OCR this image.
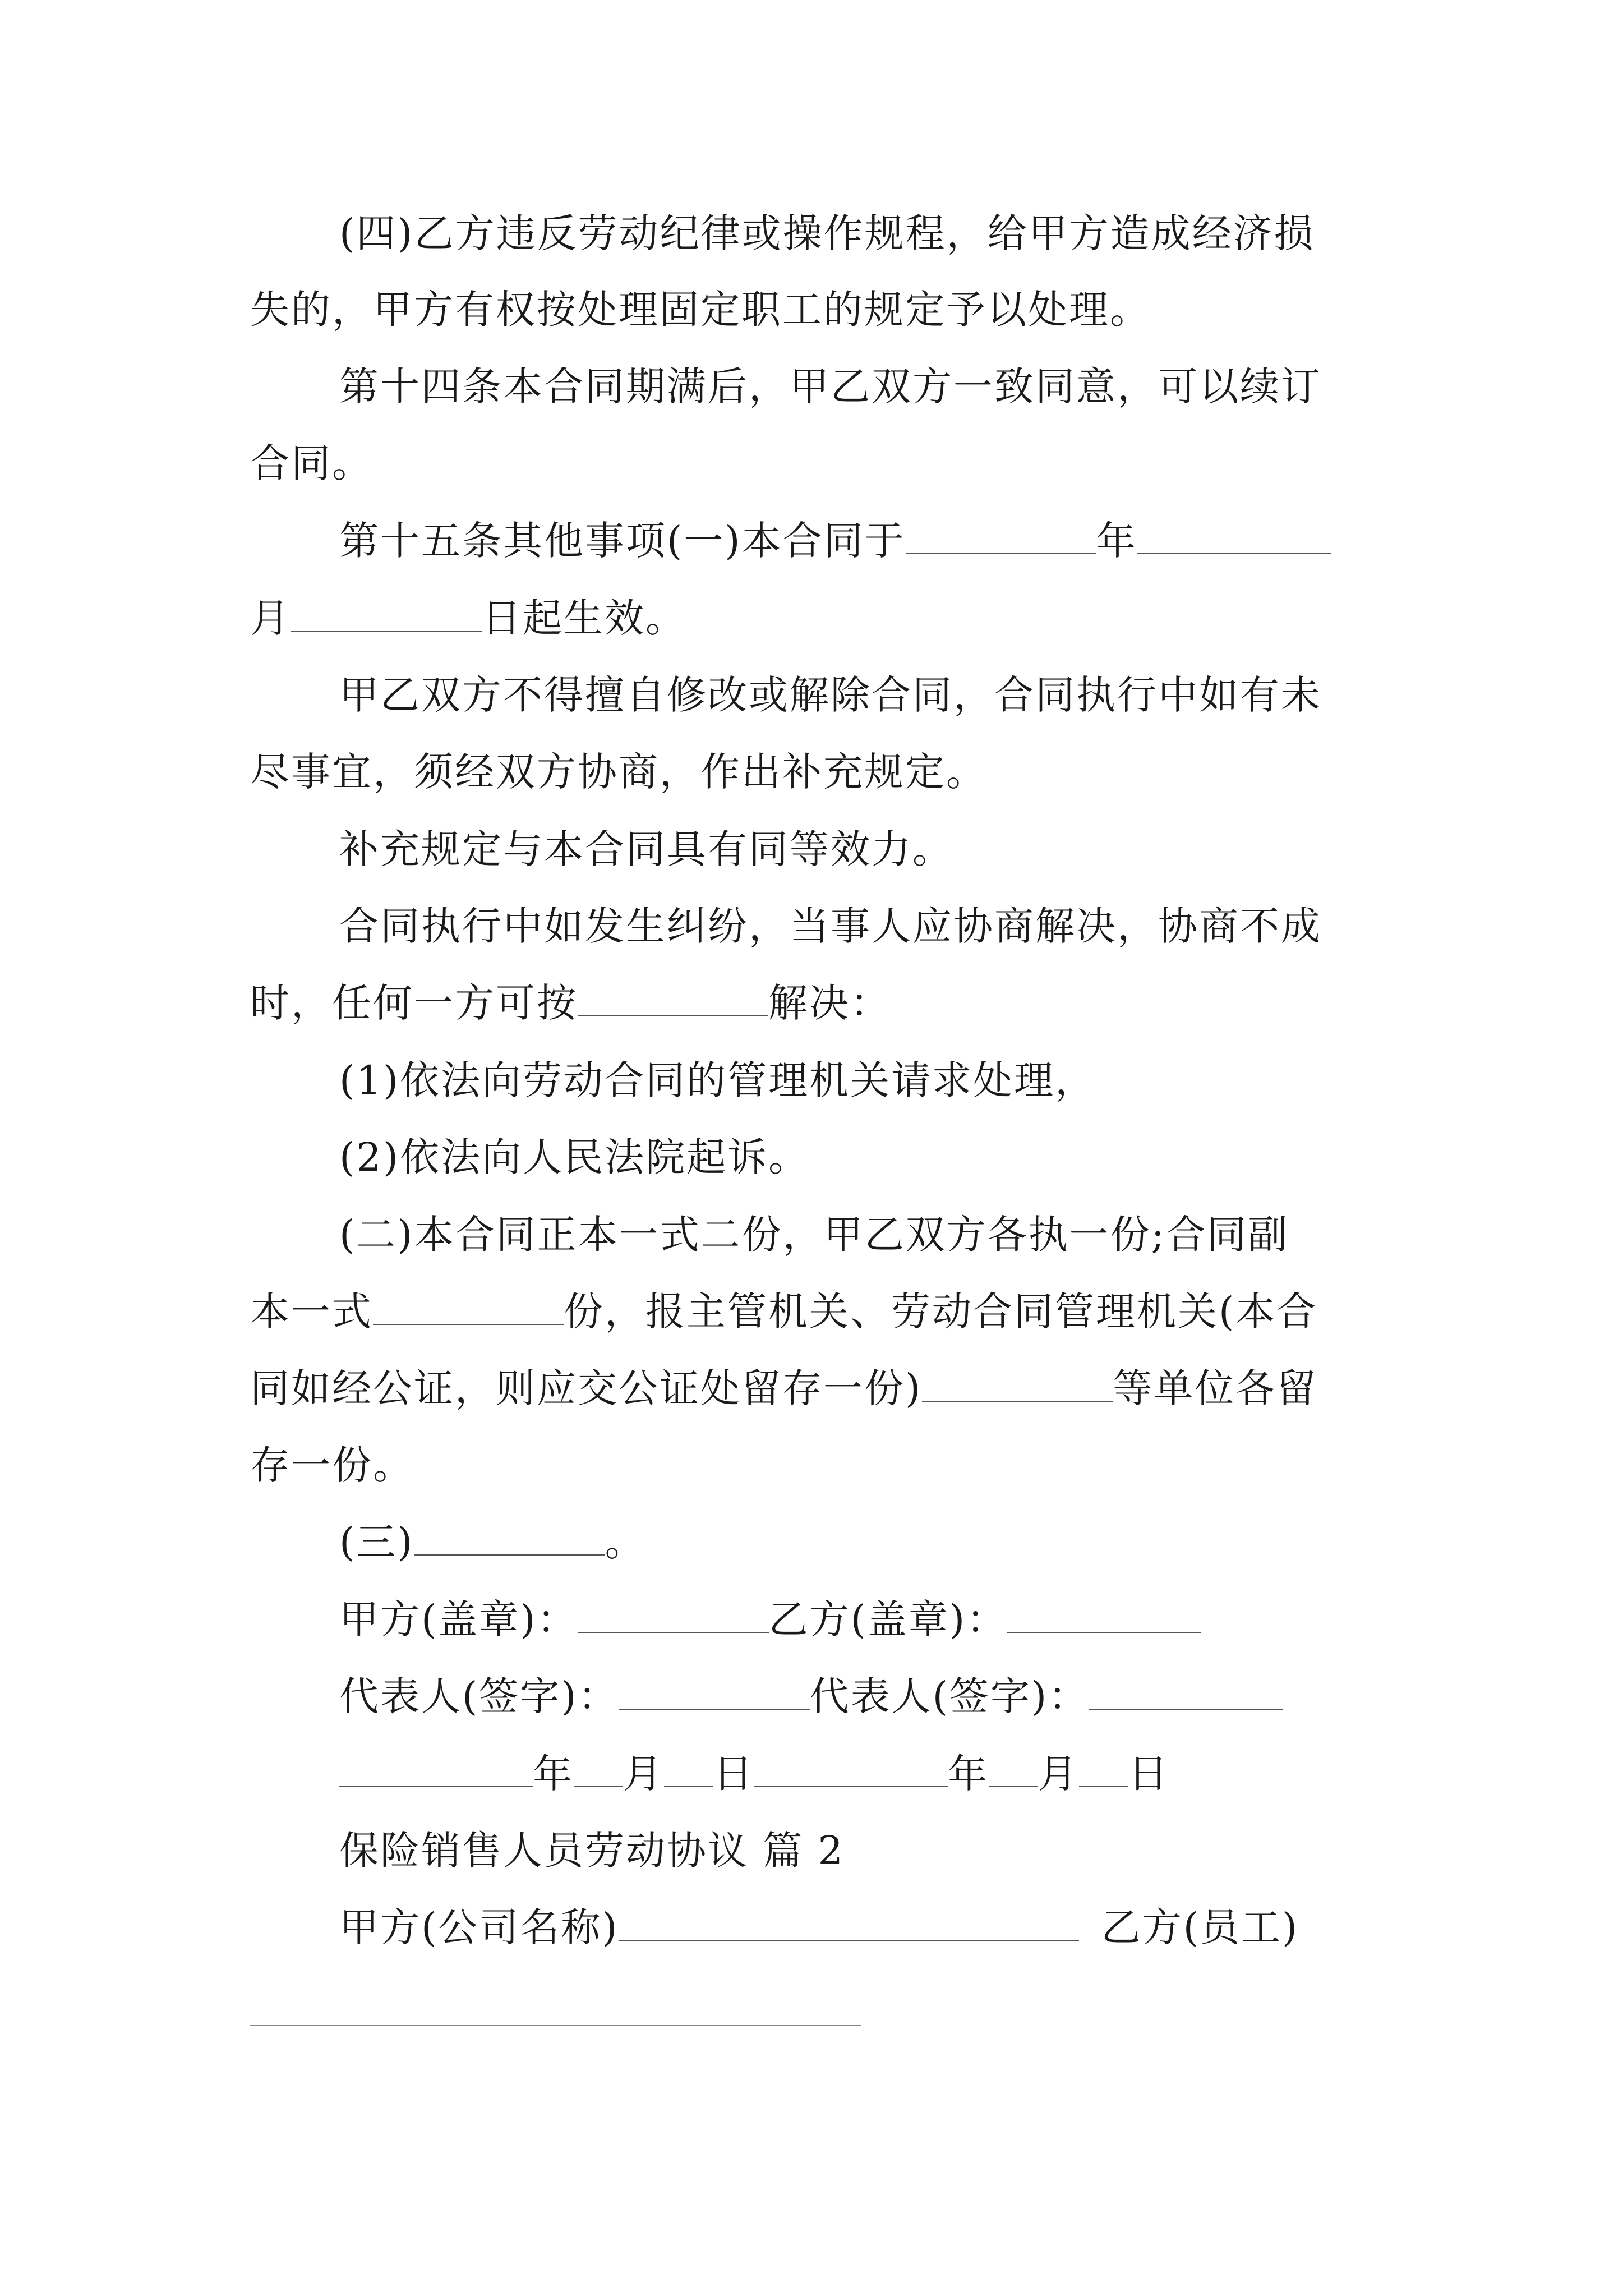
(四)乙方违反劳动纪律或操作规程，给甲方造成经济损
失的，甲方有权按处理固定职工的规定予以处理。
第十四条本合同期满后，甲乙双方一致同意，可以续订
合同。
第十五条其他事项(一)本合同于	年
月	日起生效。
甲乙双方不得擅自修改或解除合同，合同执行中如有未
尽事宜，须经双方协商，作出补充规定。
补充规定与本合同具有同等效力。
合同执行中如发生纠纷，当事人应协商解决，协商不成
时，任何一方可按	解决：
(1)依法向劳动合同的管理机关请求处理，
(2)依法向人民法院起诉。
(二)本合同正本一式二份，甲乙双方各执一份;合同副
本一式	份，报主管机关、劳动合同管理机关(本合
同如经公证，则应交公证处留存一份)	等单位各留
存一份。
(三)	。
甲方(盖章)：	乙方(盖章)：
代表人(签字)：	代表人(签字)：
年 月 日	年 月 日
保险销售人员劳动协议 篇 2
甲方(公司名称)	乙方(员工)
